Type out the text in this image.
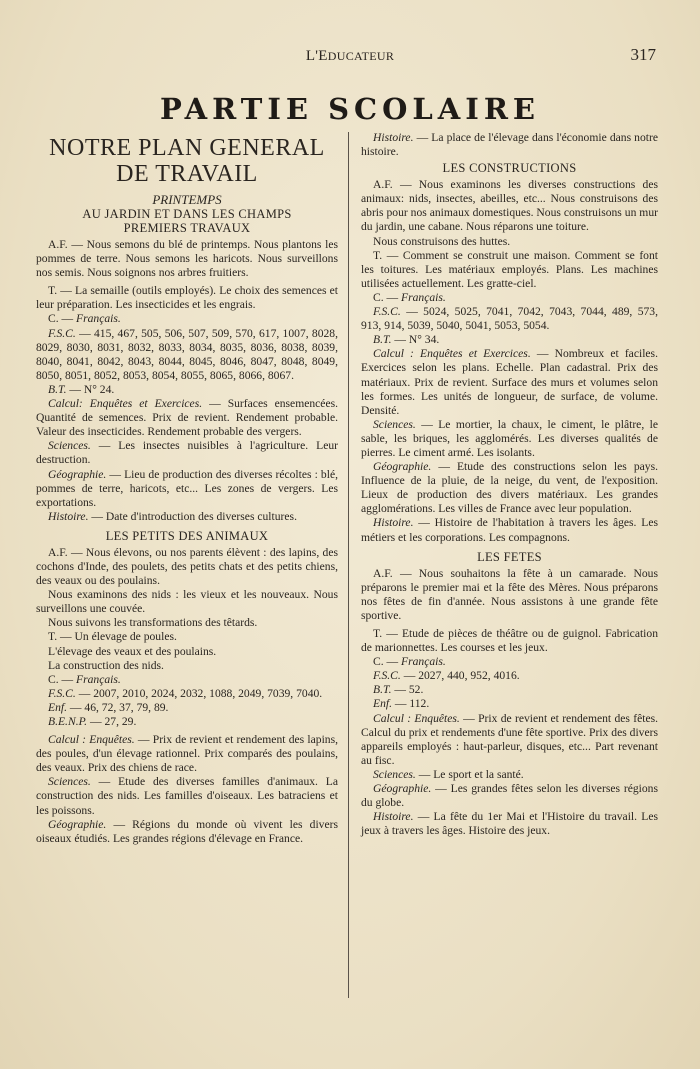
L'EDUCATEUR	317
PARTIE SCOLAIRE
NOTRE PLAN GENERAL
DE TRAVAIL
PRINTEMPS
AU JARDIN ET DANS LES CHAMPS
PREMIERS TRAVAUX

A.F. — Nous semons du blé de printemps. Nous plantons les pommes de terre. Nous semons les haricots. Nous surveillons nos semis. Nous soignons nos arbres fruitiers.

T. — La semaille (outils employés). Le choix des semences et leur préparation. Les insecticides et les engrais.

C. — Français.

F.S.C. — 415, 467, 505, 506, 507, 509, 570, 617, 1007, 8028, 8029, 8030, 8031, 8032, 8033, 8034, 8035, 8036, 8038, 8039, 8040, 8041, 8042, 8043, 8044, 8045, 8046, 8047, 8048, 8049, 8050, 8051, 8052, 8053, 8054, 8055, 8065, 8066, 8067.

B.T. — N° 24.

Calcul: Enquêtes et Exercices. — Surfaces ensemencées. Quantité de semences. Prix de revient. Rendement probable. Valeur des insecticides. Rendement probable des vergers.

Sciences. — Les insectes nuisibles à l'agriculture. Leur destruction.

Géographie. — Lieu de production des diverses récoltes : blé, pommes de terre, haricots, etc... Les zones de vergers. Les exportations.

Histoire. — Date d'introduction des diverses cultures.

LES PETITS DES ANIMAUX

A.F. — Nous élevons, ou nos parents élèvent : des lapins, des cochons d'Inde, des poulets, des petits chats et des petits chiens, des veaux ou des poulains.

Nous examinons des nids : les vieux et les nouveaux. Nous surveillons une couvée.

Nous suivons les transformations des têtards.

T. — Un élevage de poules.

L'élevage des veaux et des poulains.

La construction des nids.

C. — Français.

F.S.C. — 2007, 2010, 2024, 2032, 1088, 2049, 7039, 7040.

Enf. — 46, 72, 37, 79, 89.

B.E.N.P. — 27, 29.

Calcul : Enquêtes. — Prix de revient et rendement des lapins, des poules, d'un élevage rationnel. Prix comparés des poulains, des veaux. Prix des chiens de race.

Sciences. — Etude des diverses familles d'animaux. La construction des nids. Les familles d'oiseaux. Les batraciens et les poissons.

Géographie. — Régions du monde où vivent les divers oiseaux étudiés. Les grandes régions d'élevage en France.

Histoire. — La place de l'élevage dans l'économie dans notre histoire.

LES CONSTRUCTIONS

A.F. — Nous examinons les diverses constructions des animaux: nids, insectes, abeilles, etc... Nous construisons des abris pour nos animaux domestiques. Nous construisons un mur du jardin, une cabane. Nous réparons une toiture.

Nous construisons des huttes.

T. — Comment se construit une maison. Comment se font les toitures. Les matériaux employés. Plans. Les machines utilisées actuellement. Les gratte-ciel.

C. — Français.

F.S.C. — 5024, 5025, 7041, 7042, 7043, 7044, 489, 573, 913, 914, 5039, 5040, 5041, 5053, 5054.

B.T. — N° 34.

Calcul : Enquêtes et Exercices. — Nombreux et faciles. Exercices selon les plans. Echelle. Plan cadastral. Prix des matériaux. Prix de revient. Surface des murs et volumes selon les formes. Les unités de longueur, de surface, de volume. Densité.

Sciences. — Le mortier, la chaux, le ciment, le plâtre, le sable, les briques, les agglomérés. Les diverses qualités de pierres. Le ciment armé. Les isolants.

Géographie. — Etude des constructions selon les pays. Influence de la pluie, de la neige, du vent, de l'exposition. Lieux de production des divers matériaux. Les grandes agglomérations. Les villes de France avec leur population.

Histoire. — Histoire de l'habitation à travers les âges. Les métiers et les corporations. Les compagnons.

LES FETES

A.F. — Nous souhaitons la fête à un camarade. Nous préparons le premier mai et la fête des Mères. Nous préparons nos fêtes de fin d'année. Nous assistons à une grande fête sportive.

T. — Etude de pièces de théâtre ou de guignol. Fabrication de marionnettes. Les courses et les jeux.

C. — Français.

F.S.C. — 2027, 440, 952, 4016.

B.T. — 52.

Enf. — 112.

Calcul : Enquêtes. — Prix de revient et rendement des fêtes. Calcul du prix et rendements d'une fête sportive. Prix des divers appareils employés : haut-parleur, disques, etc... Part revenant au fisc.

Sciences. — Le sport et la santé.

Géographie. — Les grandes fêtes selon les diverses régions du globe.

Histoire. — La fête du 1er Mai et l'Histoire du travail. Les jeux à travers les âges. Histoire des jeux.
